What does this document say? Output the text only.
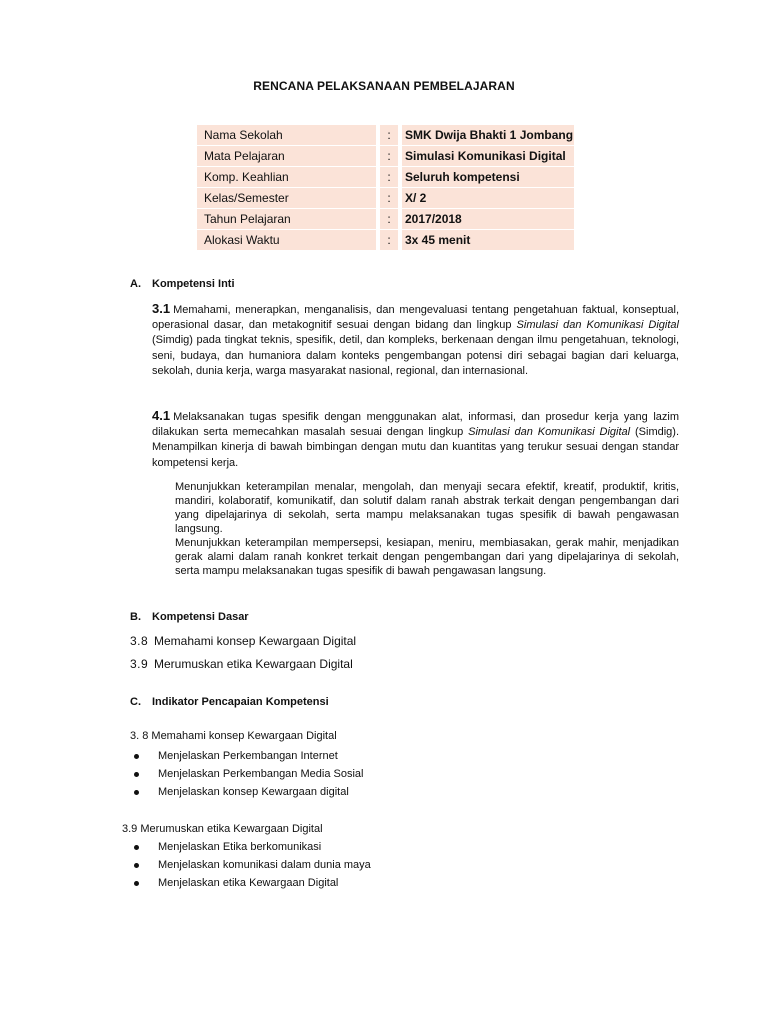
RENCANA PELAKSANAAN PEMBELAJARAN
Nama Sekolah		:		SMK Dwija Bhakti 1 Jombang
Mata Pelajaran		:		Simulasi Komunikasi Digital
Komp. Keahlian		:		Seluruh kompetensi
Kelas/Semester		:		X/ 2
Tahun Pelajaran		:		2017/2018
Alokasi Waktu		:		3x 45 menit
A. Kompetensi Inti
3.1 Memahami, menerapkan, menganalisis, dan mengevaluasi tentang pengetahuan faktual, konseptual, operasional dasar, dan metakognitif sesuai dengan bidang dan lingkup Simulasi dan Komunikasi Digital (Simdig) pada tingkat teknis, spesifik, detil, dan kompleks, berkenaan dengan ilmu pengetahuan, teknologi, seni, budaya, dan humaniora dalam konteks pengembangan potensi diri sebagai bagian dari keluarga, sekolah, dunia kerja, warga masyarakat nasional, regional, dan internasional.
4.1 Melaksanakan tugas spesifik dengan menggunakan alat, informasi, dan prosedur kerja yang lazim dilakukan serta memecahkan masalah sesuai dengan lingkup Simulasi dan Komunikasi Digital (Simdig). Menampilkan kinerja di bawah bimbingan dengan mutu dan kuantitas yang terukur sesuai dengan standar kompetensi kerja.
Menunjukkan keterampilan menalar, mengolah, dan menyaji secara efektif, kreatif, produktif, kritis, mandiri, kolaboratif, komunikatif, dan solutif dalam ranah abstrak terkait dengan pengembangan dari yang dipelajarinya di sekolah, serta mampu melaksanakan tugas spesifik di bawah pengawasan langsung.
Menunjukkan keterampilan mempersepsi, kesiapan, meniru, membiasakan, gerak mahir, menjadikan gerak alami dalam ranah konkret terkait dengan pengembangan dari yang dipelajarinya di sekolah, serta mampu melaksanakan tugas spesifik di bawah pengawasan langsung.
B. Kompetensi Dasar
3.8 Memahami konsep Kewargaan Digital
3.9 Merumuskan etika Kewargaan Digital
C. Indikator Pencapaian Kompetensi
3. 8 Memahami konsep Kewargaan Digital
Menjelaskan Perkembangan Internet
Menjelaskan Perkembangan Media Sosial
Menjelaskan konsep Kewargaan digital
3.9 Merumuskan etika Kewargaan Digital
Menjelaskan Etika berkomunikasi
Menjelaskan komunikasi dalam dunia maya
Menjelaskan etika Kewargaan Digital
